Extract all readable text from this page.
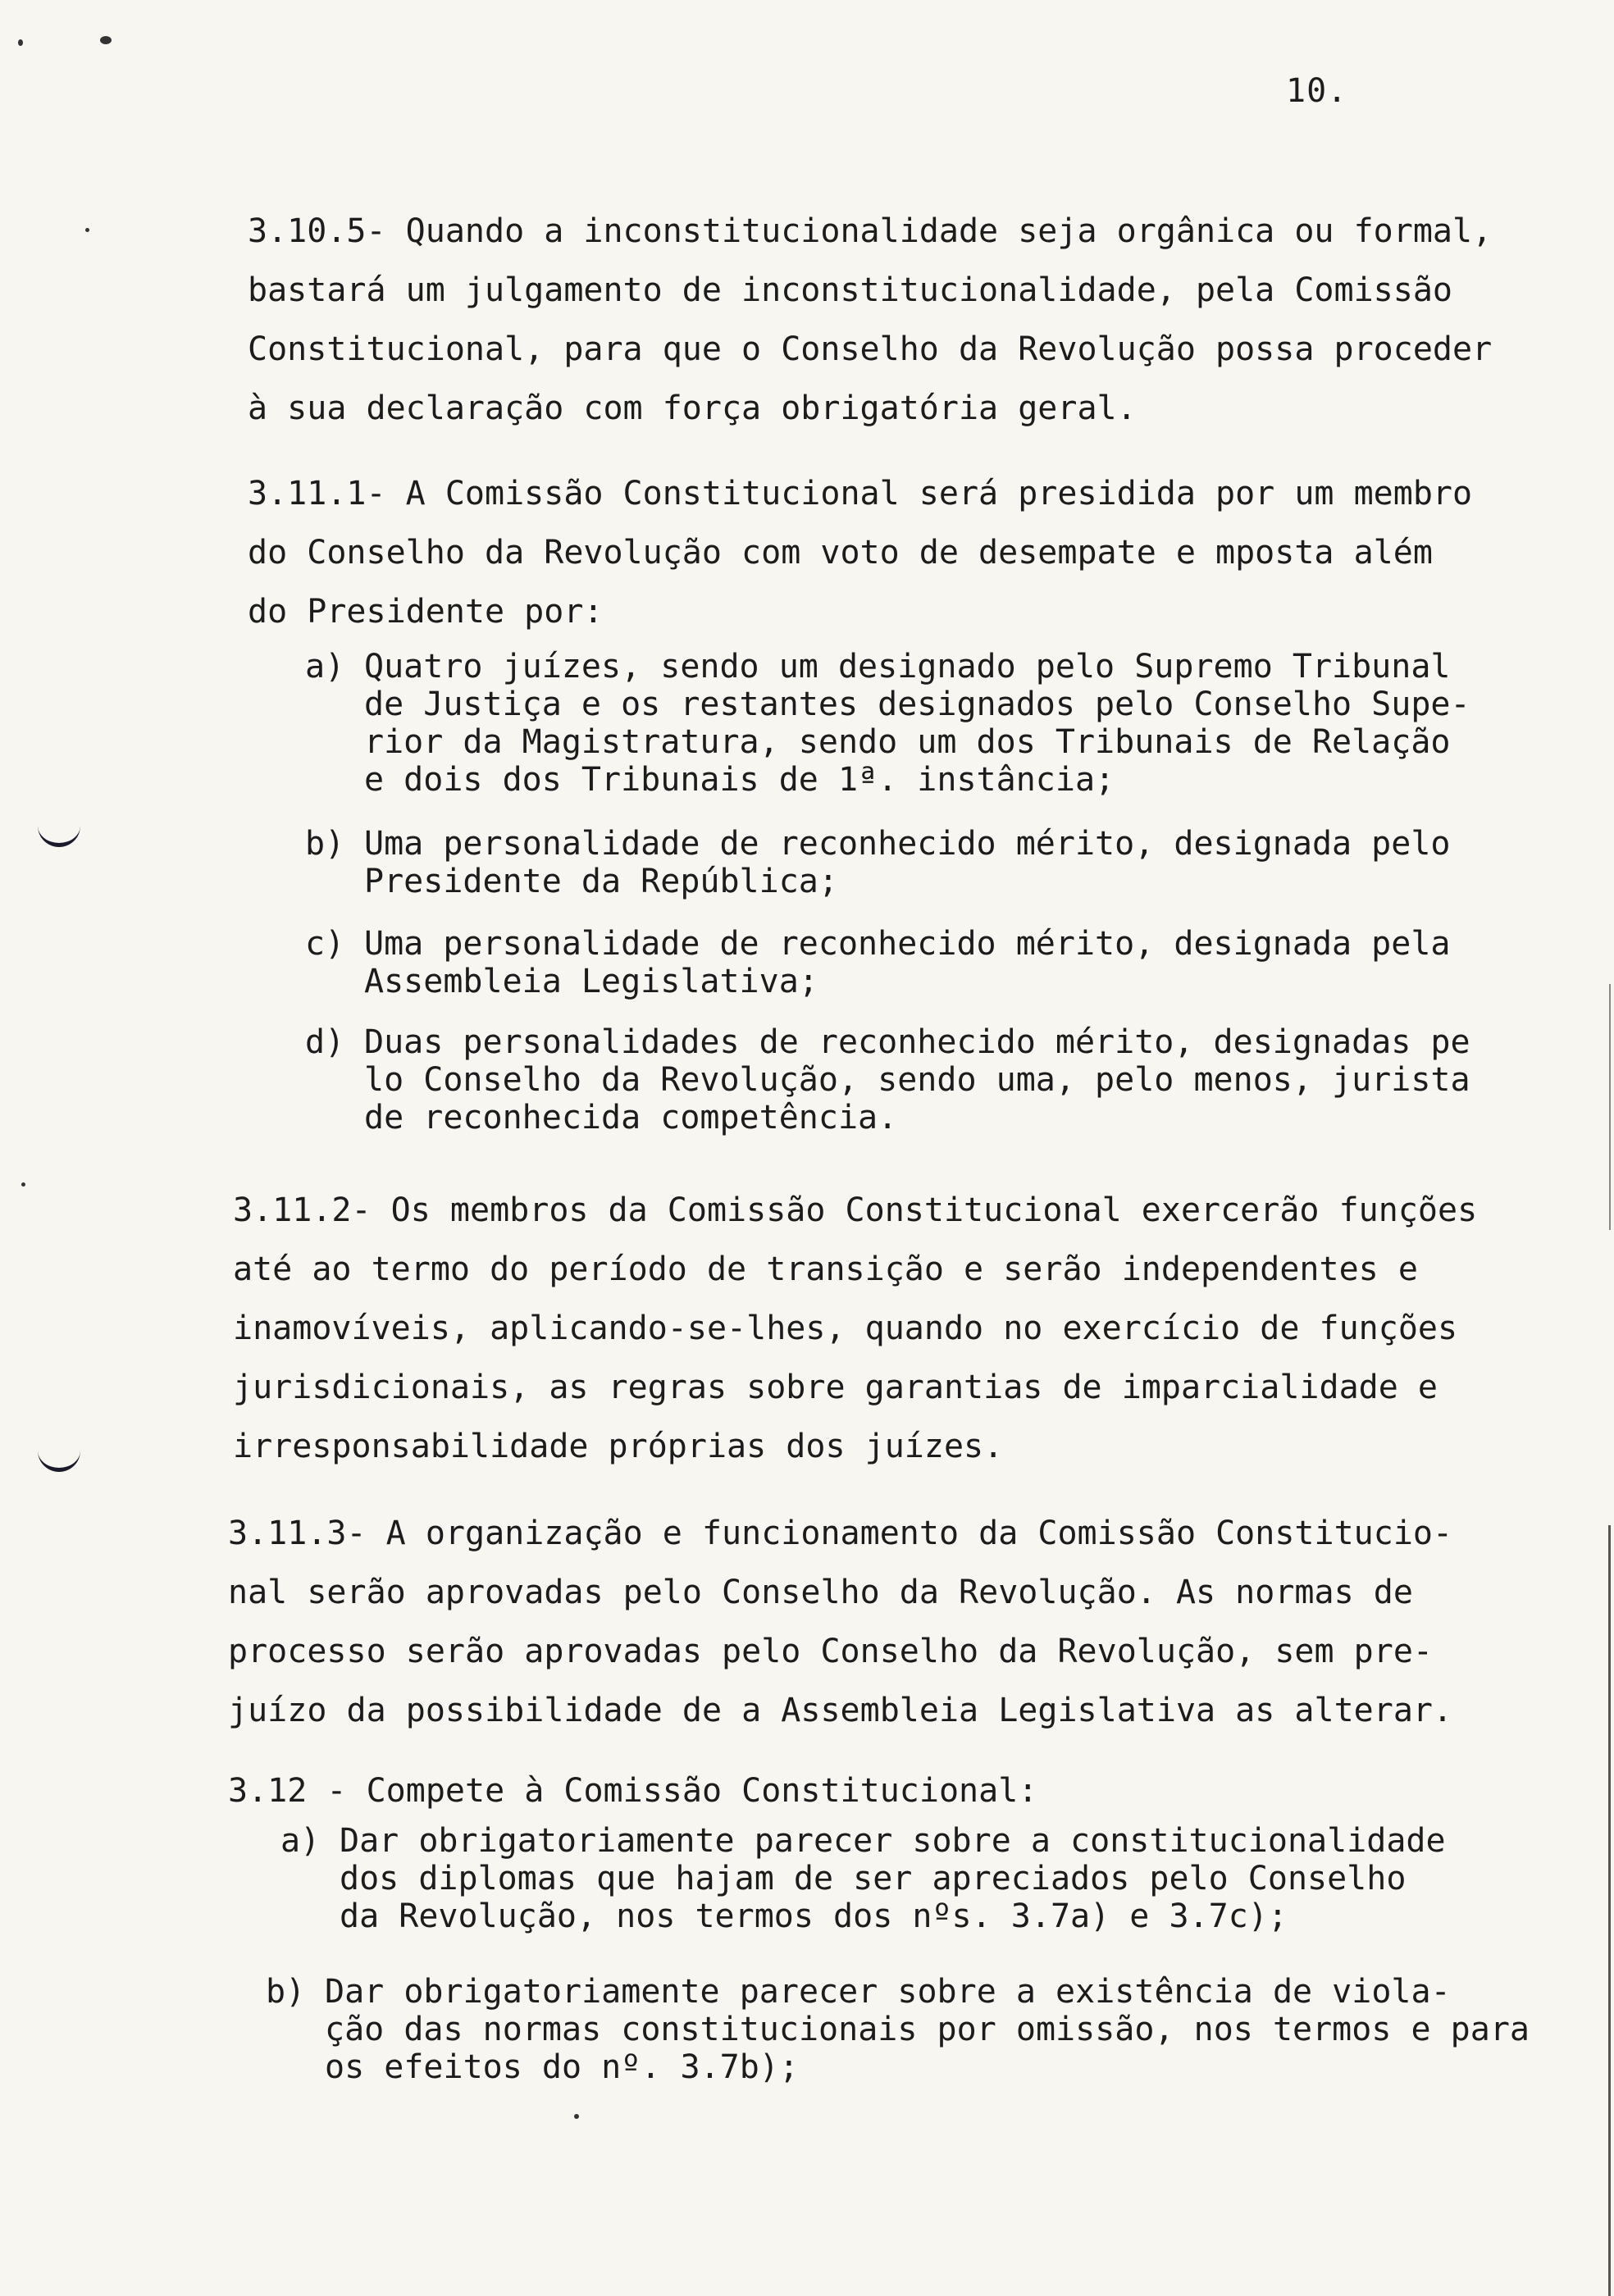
10.
3.10.5- Quando a inconstitucionalidade seja orgânica ou formal,
bastará um julgamento de inconstitucionalidade, pela Comissão
Constitucional, para que o Conselho da Revolução possa proceder
à sua declaração com força obrigatória geral.
3.11.1- A Comissão Constitucional será presidida por um membro
do Conselho da Revolução com voto de desempate e mposta além
do Presidente por:
a) Quatro juízes, sendo um designado pelo Supremo Tribunal
de Justiça e os restantes designados pelo Conselho Supe-
rior da Magistratura, sendo um dos Tribunais de Relação
e dois dos Tribunais de 1ª. instância;
b) Uma personalidade de reconhecido mérito, designada pelo
Presidente da República;
c) Uma personalidade de reconhecido mérito, designada pela
Assembleia Legislativa;
d) Duas personalidades de reconhecido mérito, designadas pe
lo Conselho da Revolução, sendo uma, pelo menos, jurista
de reconhecida competência.
3.11.2- Os membros da Comissão Constitucional exercerão funções
até ao termo do período de transição e serão independentes e
inamovíveis, aplicando-se-lhes, quando no exercício de funções
jurisdicionais, as regras sobre garantias de imparcialidade e
irresponsabilidade próprias dos juízes.
3.11.3- A organização e funcionamento da Comissão Constitucio-
nal serão aprovadas pelo Conselho da Revolução. As normas de
processo serão aprovadas pelo Conselho da Revolução, sem pre-
juízo da possibilidade de a Assembleia Legislativa as alterar.
3.12 - Compete à Comissão Constitucional:
a) Dar obrigatoriamente parecer sobre a constitucionalidade
dos diplomas que hajam de ser apreciados pelo Conselho
da Revolução, nos termos dos nºs. 3.7a) e 3.7c);
b) Dar obrigatoriamente parecer sobre a existência de viola-
ção das normas constitucionais por omissão, nos termos e para
os efeitos do nº. 3.7b);
